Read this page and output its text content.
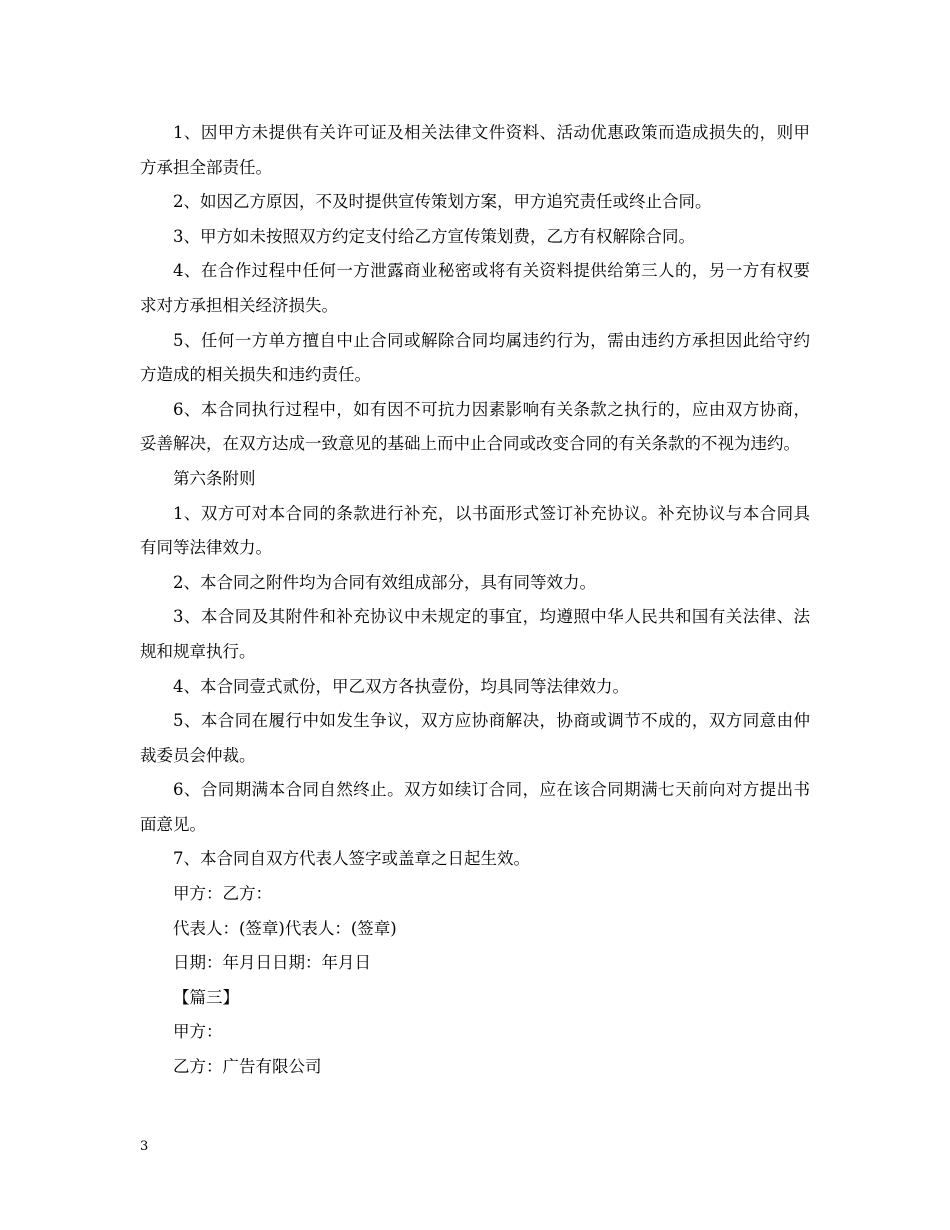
1、因甲方未提供有关许可证及相关法律文件资料、活动优惠政策而造成损失的，则甲方承担全部责任。

2、如因乙方原因，不及时提供宣传策划方案，甲方追究责任或终止合同。

3、甲方如未按照双方约定支付给乙方宣传策划费，乙方有权解除合同。

4、在合作过程中任何一方泄露商业秘密或将有关资料提供给第三人的，另一方有权要求对方承担相关经济损失。

5、任何一方单方擅自中止合同或解除合同均属违约行为，需由违约方承担因此给守约方造成的相关损失和违约责任。

6、本合同执行过程中，如有因不可抗力因素影响有关条款之执行的，应由双方协商，妥善解决，在双方达成一致意见的基础上而中止合同或改变合同的有关条款的不视为违约。

第六条附则

1、双方可对本合同的条款进行补充，以书面形式签订补充协议。补充协议与本合同具有同等法律效力。

2、本合同之附件均为合同有效组成部分，具有同等效力。

3、本合同及其附件和补充协议中未规定的事宜，均遵照中华人民共和国有关法律、法规和规章执行。

4、本合同壹式贰份，甲乙双方各执壹份，均具同等法律效力。

5、本合同在履行中如发生争议，双方应协商解决，协商或调节不成的，双方同意由仲裁委员会仲裁。

6、合同期满本合同自然终止。双方如续订合同，应在该合同期满七天前向对方提出书面意见。

7、本合同自双方代表人签字或盖章之日起生效。

甲方：乙方：

代表人：(签章)代表人：(签章)

日期：年月日日期：年月日

【篇三】

甲方：

乙方：广告有限公司

3
